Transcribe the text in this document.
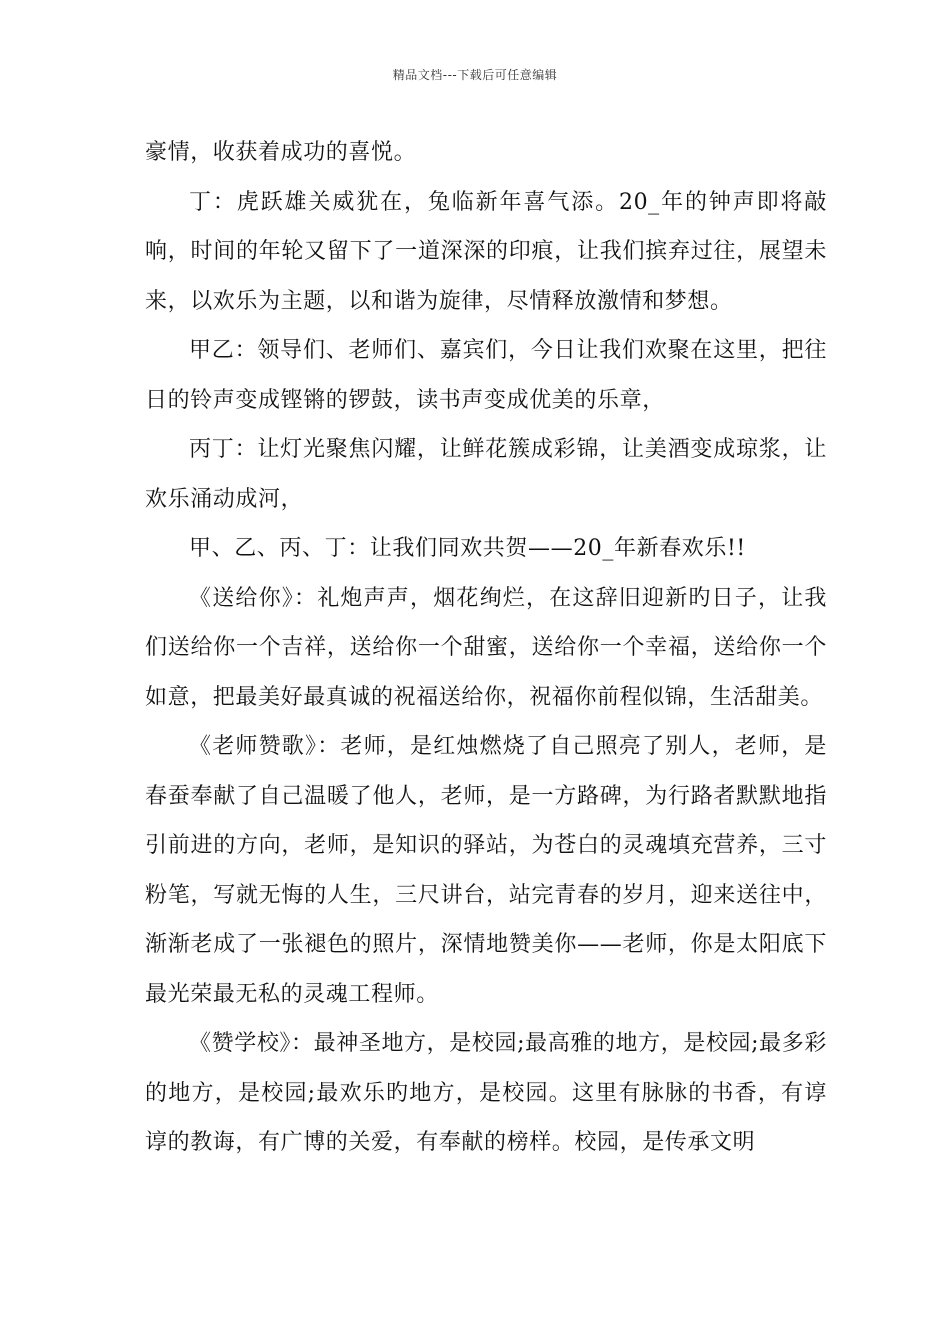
精品文档---下载后可任意编辑

豪情，收获着成功的喜悦。

丁：虎跃雄关威犹在，兔临新年喜气添。20_年的钟声即将敲响，时间的年轮又留下了一道深深的印痕，让我们摈弃过往，展望未来，以欢乐为主题，以和谐为旋律，尽情释放激情和梦想。

甲乙：领导们、老师们、嘉宾们，今日让我们欢聚在这里，把往日的铃声变成铿锵的锣鼓，读书声变成优美的乐章，

丙丁：让灯光聚焦闪耀，让鲜花簇成彩锦，让美酒变成琼浆，让欢乐涌动成河，

甲、乙、丙、丁：让我们同欢共贺——20_年新春欢乐!!

《送给你》：礼炮声声，烟花绚烂，在这辞旧迎新旳日子，让我们送给你一个吉祥，送给你一个甜蜜，送给你一个幸福，送给你一个如意，把最美好最真诚的祝福送给你，祝福你前程似锦，生活甜美。

《老师赞歌》：老师，是红烛燃烧了自己照亮了别人，老师，是春蚕奉献了自己温暖了他人，老师，是一方路碑，为行路者默默地指引前进的方向，老师，是知识的驿站，为苍白的灵魂填充营养，三寸粉笔，写就无悔的人生，三尺讲台，站完青春的岁月，迎来送往中，渐渐老成了一张褪色的照片，深情地赞美你——老师，你是太阳底下最光荣最无私的灵魂工程师。

《赞学校》：最神圣地方，是校园;最高雅的地方，是校园;最多彩的地方，是校园;最欢乐旳地方，是校园。这里有脉脉的书香，有谆谆的教诲，有广博的关爱，有奉献的榜样。校园，是传承文明
